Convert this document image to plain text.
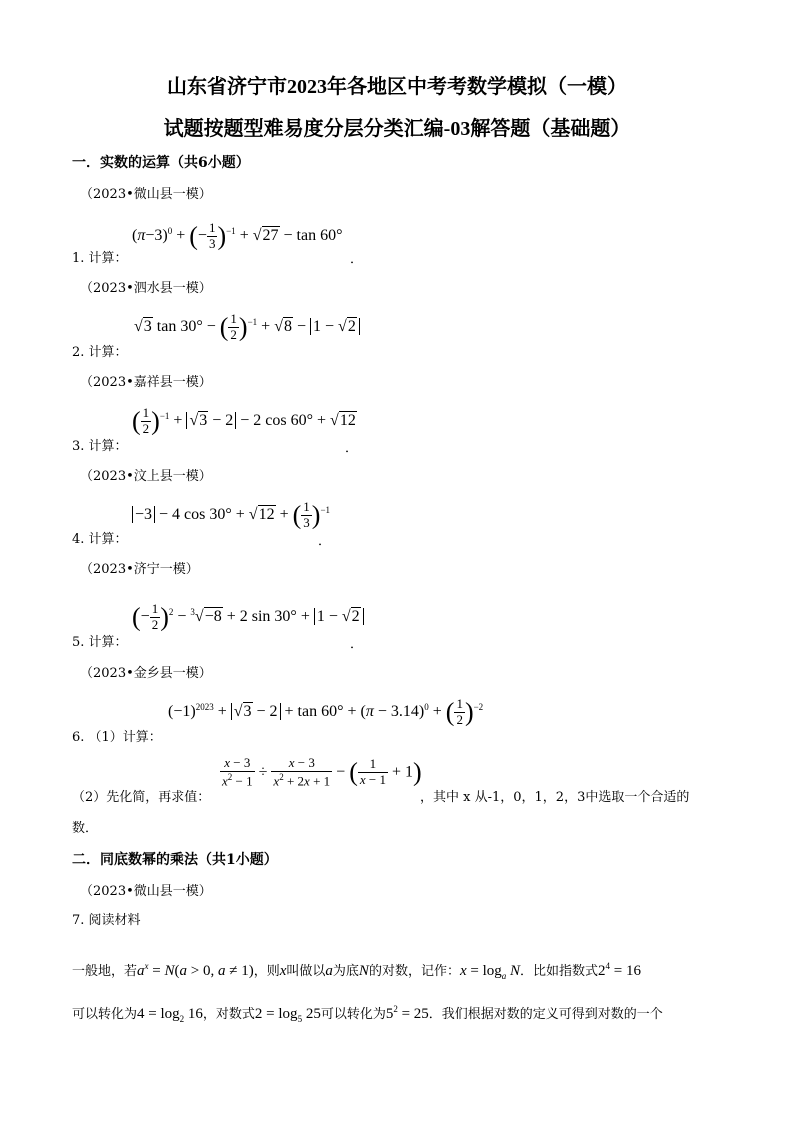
山东省济宁市2023年各地区中考考数学模拟（一模）
试题按题型难易度分层分类汇编-03解答题（基础题）
一．实数的运算（共6小题）
（2023•微山县一模）
$(\pi-3)^0$ + (− $\frac{1}{3} )^{-1} + √27 - \tan 60^\circ$
1. 计算：	．
（2023•泗水县一模）
√3 tan 30° − ( $\frac{1}{2} )^{-1} + √8 - 1 - √2$
2. 计算：
（2023•嘉祥县一模）
( $\frac{1}{2} )^{-1} + √3 - 2 - 2$ cos 60° + √12
3. 计算：	．
（2023•汶上县一模）
−3 − 4 cos 30° + √12 + ( $\frac{1}{3} )^{-1}$
4. 计算：	．
（2023•济宁一模）
(− $\frac{1}{2} )^2 - ^3√-8 + 2$ sin 30° + 1 − √2
5. 计算：	．
（2023•金乡县一模）
$(-1)^{2023} + √3 - 2 + \tan 60^\circ + (\pi - 3.14)^0$ + ( $\frac{1}{2} )^{-2}$
6. （1）计算：
（2）先化简，再求值：
$\frac{x - 3}{x^2 - 1} \div \frac{x - 3}{x^2 + 2x + 1}$ − ( $\frac{1}{x - 1} + 1$)
，其中 x 从-1，0，1，2，3中选取一个合适的
数．
二．同底数幂的乘法（共1小题）
（2023•微山县一模）
7. 阅读材料
一般地，若$a^x = N(a > 0$, a ≠ 1)，则x叫做以a为底N的对数，记作：$x = \log_a N$．比如指数式$2^4 = 16$
可以转化为$4 = \log_2 16$，对数式$2 = \log_5 25$可以转化为$5^2 = 25$．我们根据对数的定义可得到对数的一个
